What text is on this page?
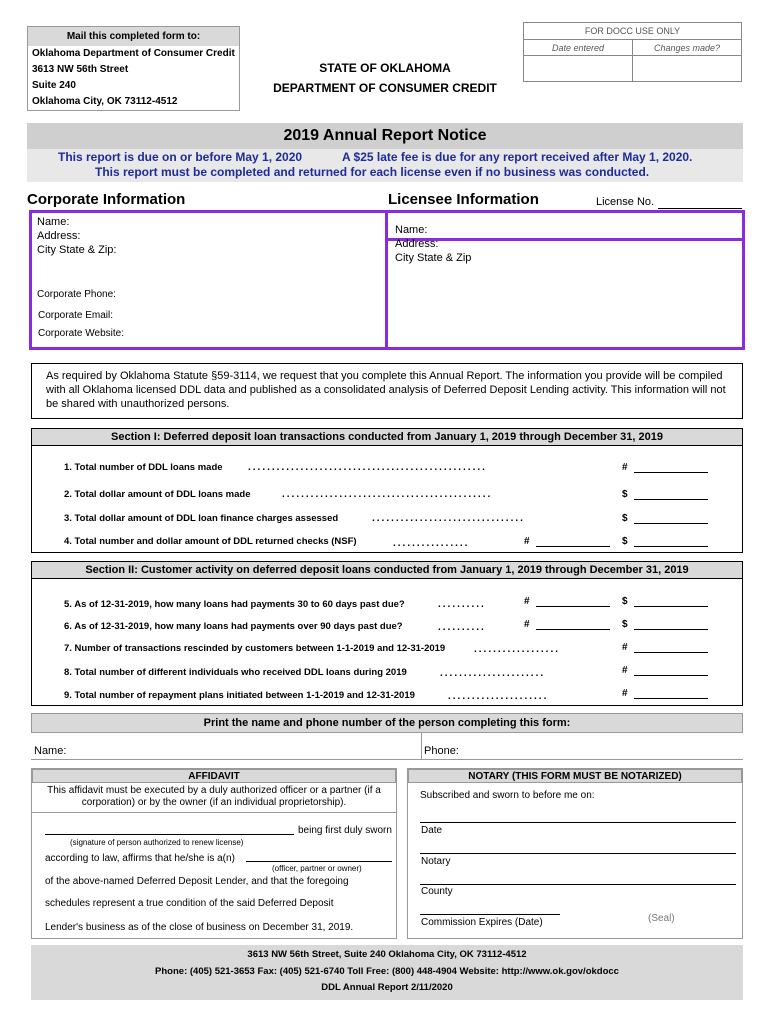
Mail this completed form to:
Oklahoma Department of Consumer Credit
3613 NW 56th Street
Suite 240
Oklahoma City, OK 73112-4512
STATE OF OKLAHOMA
DEPARTMENT OF CONSUMER CREDIT
FOR DOCC USE ONLY
Date entered	Changes made?
2019 Annual Report Notice
This report is due on or before May 1, 2020	A $25 late fee is due for any report received after May 1, 2020.
This report must be completed and returned for each license even if no business was conducted.
Corporate Information	Licensee Information	License No.
Name:
Address:
City State & Zip:
Corporate Phone:
Corporate Email:
Corporate Website:
Name:
Address:
City State & Zip
As required by Oklahoma Statute §59-3114, we request that you complete this Annual Report. The information you provide will be compiled with all Oklahoma licensed DDL data and published as a consolidated analysis of Deferred Deposit Lending activity. This information will not be shared with unauthorized persons.
Section I: Deferred deposit loan transactions conducted from January 1, 2019 through December 31, 2019
1. Total number of DDL loans made	..................................................	#
2. Total dollar amount of DDL loans made	............................................	$
3. Total dollar amount of DDL loan finance charges assessed	................................	$
4. Total number and dollar amount of DDL returned checks (NSF)	................	#	$
Section II: Customer activity on deferred deposit loans conducted from January 1, 2019 through December 31, 2019
5. As of 12-31-2019, how many loans had payments 30 to 60 days past due?	..........	#	$
6. As of 12-31-2019, how many loans had payments over 90 days past due?	..........	#	$
7. Number of transactions rescinded by customers between 1-1-2019 and 12-31-2019	..................	#
8. Total number of different individuals who received DDL loans during 2019	......................	#
9. Total number of repayment plans initiated between 1-1-2019 and 12-31-2019	.....................	#
Print the name and phone number of the person completing this form:
Name:	Phone:
AFFIDAVIT
This affidavit must be executed by a duly authorized officer or a partner (if a corporation) or by the owner (if an individual proprietorship).
being first duly sworn
(signature of person authorized to renew license)
according to law, affirms that he/she is a(n)
(officer, partner or owner)
of the above-named Deferred Deposit Lender, and that the foregoing
schedules represent a true condition of the said Deferred Deposit
Lender's business as of the close of business on December 31, 2019.
NOTARY (THIS FORM MUST BE NOTARIZED)
Subscribed and sworn to before me on:
Date
Notary
County
Commission Expires (Date)	(Seal)
3613 NW 56th Street, Suite 240 Oklahoma City, OK 73112-4512
Phone: (405) 521-3653 Fax: (405) 521-6740 Toll Free: (800) 448-4904 Website: http://www.ok.gov/okdocc
DDL Annual Report 2/11/2020
